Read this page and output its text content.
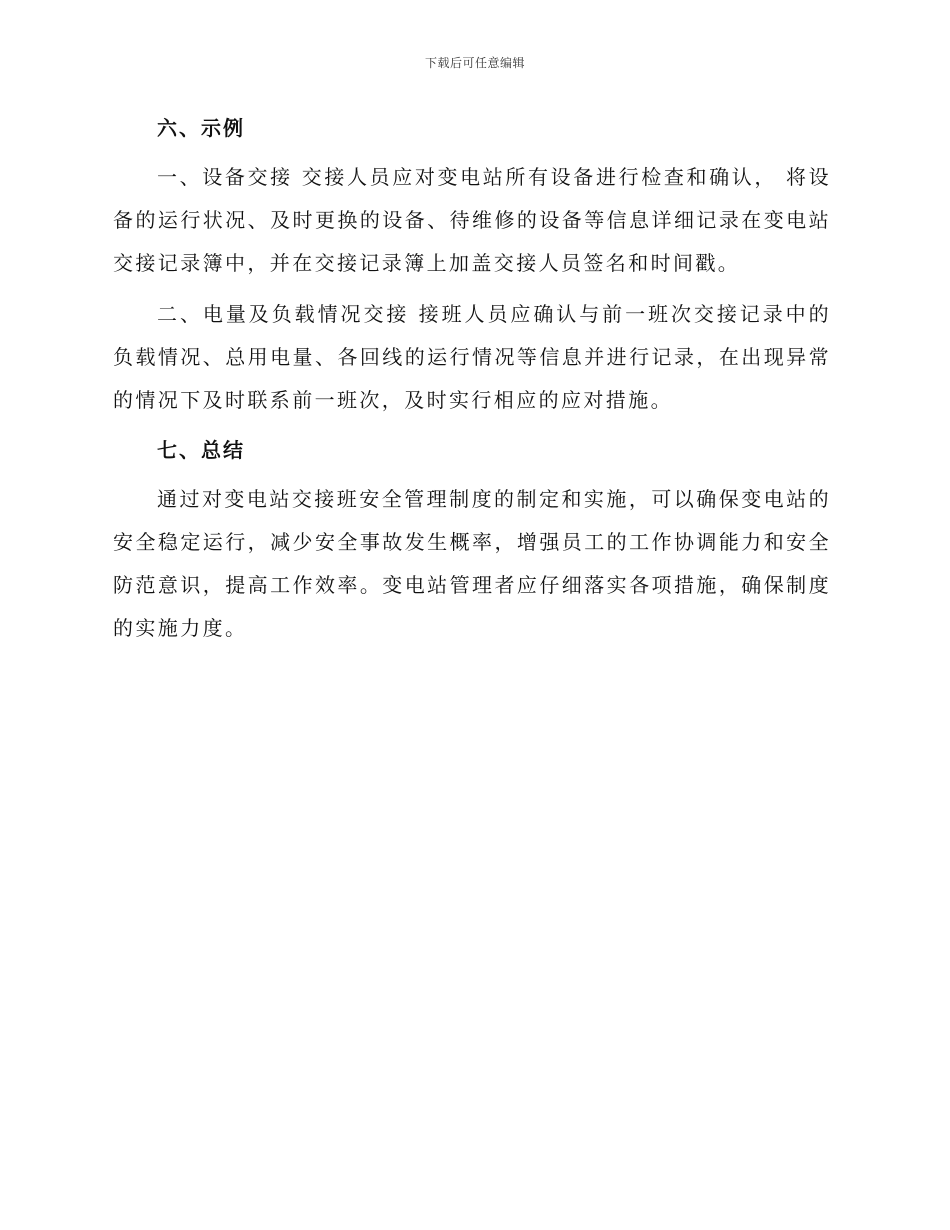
下载后可任意编辑
六、示例

一、设备交接 交接人员应对变电站所有设备进行检查和确认， 将设备的运行状况、及时更换的设备、待维修的设备等信息详细记录在变电站交接记录簿中，并在交接记录簿上加盖交接人员签名和时间戳。

二、电量及负载情况交接 接班人员应确认与前一班次交接记录中的负载情况、总用电量、各回线的运行情况等信息并进行记录，在出现异常的情况下及时联系前一班次，及时实行相应的应对措施。

七、总结

通过对变电站交接班安全管理制度的制定和实施，可以确保变电站的安全稳定运行，减少安全事故发生概率，增强员工的工作协调能力和安全防范意识，提高工作效率。变电站管理者应仔细落实各项措施，确保制度的实施力度。
